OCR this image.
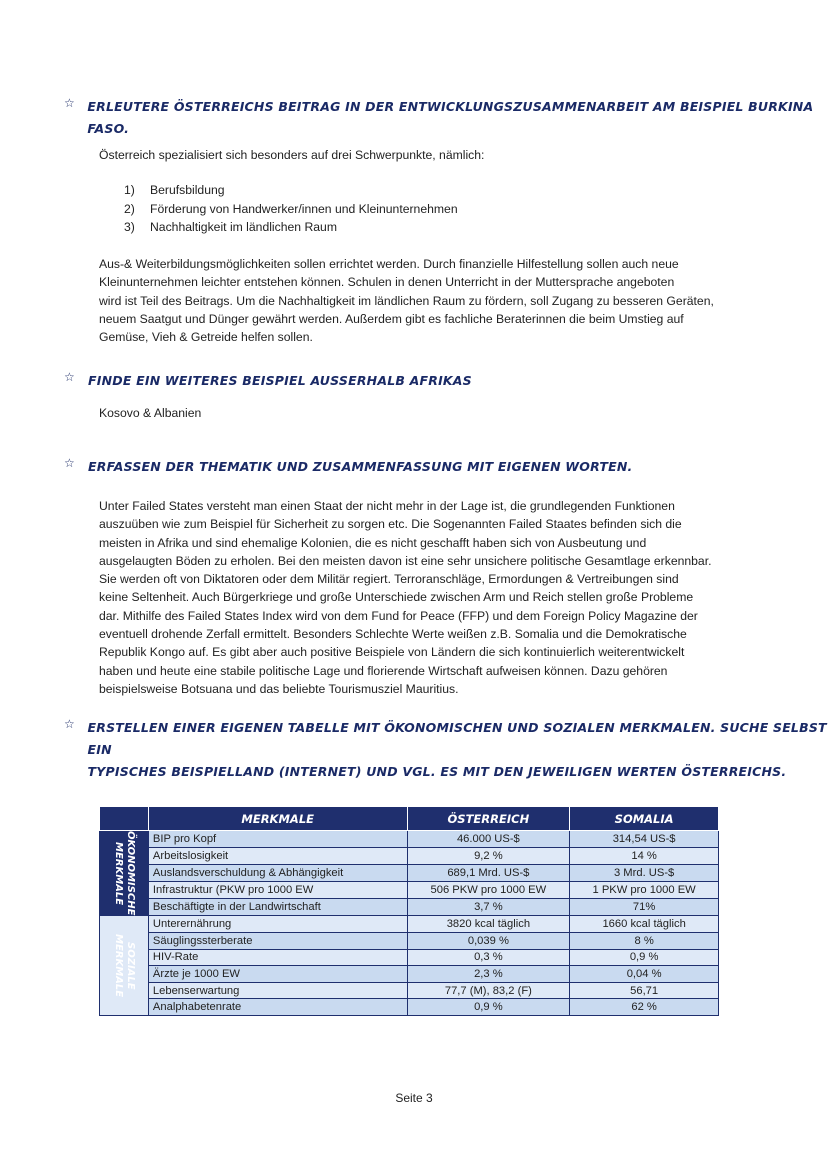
☆ ERLEUTERE ÖSTERREICHS BEITRAG IN DER ENTWICKLUNGSZUSAMMENARBEIT AM BEISPIEL BURKINA FASO.
Österreich spezialisiert sich besonders auf drei Schwerpunkte, nämlich:
1)	Berufsbildung
2)	Förderung von Handwerker/innen und Kleinunternehmen
3)	Nachhaltigkeit im ländlichen Raum
Aus-& Weiterbildungsmöglichkeiten sollen errichtet werden. Durch finanzielle Hilfestellung sollen auch neue
Kleinunternehmen leichter entstehen können. Schulen in denen Unterricht in der Muttersprache angeboten
wird ist Teil des Beitrags. Um die Nachhaltigkeit im ländlichen Raum zu fördern, soll Zugang zu besseren Geräten,
neuem Saatgut und Dünger gewährt werden. Außerdem gibt es fachliche Beraterinnen die beim Umstieg auf
Gemüse, Vieh & Getreide helfen sollen.
☆ FINDE EIN WEITERES BEISPIEL AUSSERHALB AFRIKAS
Kosovo & Albanien
☆ ERFASSEN DER THEMATIK UND ZUSAMMENFASSUNG MIT EIGENEN WORTEN.
Unter Failed States versteht man einen Staat der nicht mehr in der Lage ist, die grundlegenden Funktionen
auszuüben wie zum Beispiel für Sicherheit zu sorgen etc. Die Sogenannten Failed Staates befinden sich die
meisten in Afrika und sind ehemalige Kolonien, die es nicht geschafft haben sich von Ausbeutung und
ausgelaugten Böden zu erholen. Bei den meisten davon ist eine sehr unsichere politische Gesamtlage erkennbar.
Sie werden oft von Diktatoren oder dem Militär regiert. Terroranschläge, Ermordungen & Vertreibungen sind
keine Seltenheit. Auch Bürgerkriege und große Unterschiede zwischen Arm und Reich stellen große Probleme
dar. Mithilfe des Failed States Index wird von dem Fund for Peace (FFP) und dem Foreign Policy Magazine der
eventuell drohende Zerfall ermittelt. Besonders Schlechte Werte weißen z.B. Somalia und die Demokratische
Republik Kongo auf. Es gibt aber auch positive Beispiele von Ländern die sich kontinuierlich weiterentwickelt
haben und heute eine stabile politische Lage und florierende Wirtschaft aufweisen können. Dazu gehören
beispielsweise Botsuana und das beliebte Tourismusziel Mauritius.
☆ ERSTELLEN EINER EIGENEN TABELLE MIT ÖKONOMISCHEN UND SOZIALEN MERKMALEN. SUCHE SELBST EIN
TYPISCHES BEISPIELLAND (INTERNET) UND VGL. ES MIT DEN JEWEILIGEN WERTEN ÖSTERREICHS.
	MERKMALE	ÖSTERREICH	SOMALIA

ÖKONOMISCHE
MERKMALE	BIP pro Kopf	46.000 US-$	314,54 US-$
	Arbeitslosigkeit	9,2 %	14 %
	Auslandsverschuldung & Abhängigkeit	689,1 Mrd. US-$	3 Mrd. US-$
	Infrastruktur (PKW pro 1000 EW	506 PKW pro 1000 EW	1 PKW pro 1000 EW
	Beschäftigte in der Landwirtschaft	3,7 %	71%

SOZIALE
MERKMALE	Unterernährung	3820 kcal täglich	1660 kcal täglich
	Säuglingssterberate	0,039 %	8 %
	HIV-Rate	0,3 %	0,9 %
	Ärzte je 1000 EW	2,3 %	0,04 %
	Lebenserwartung	77,7 (M), 83,2 (F)	56,71
	Analphabetenrate	0,9 %	62 %
Seite 3
